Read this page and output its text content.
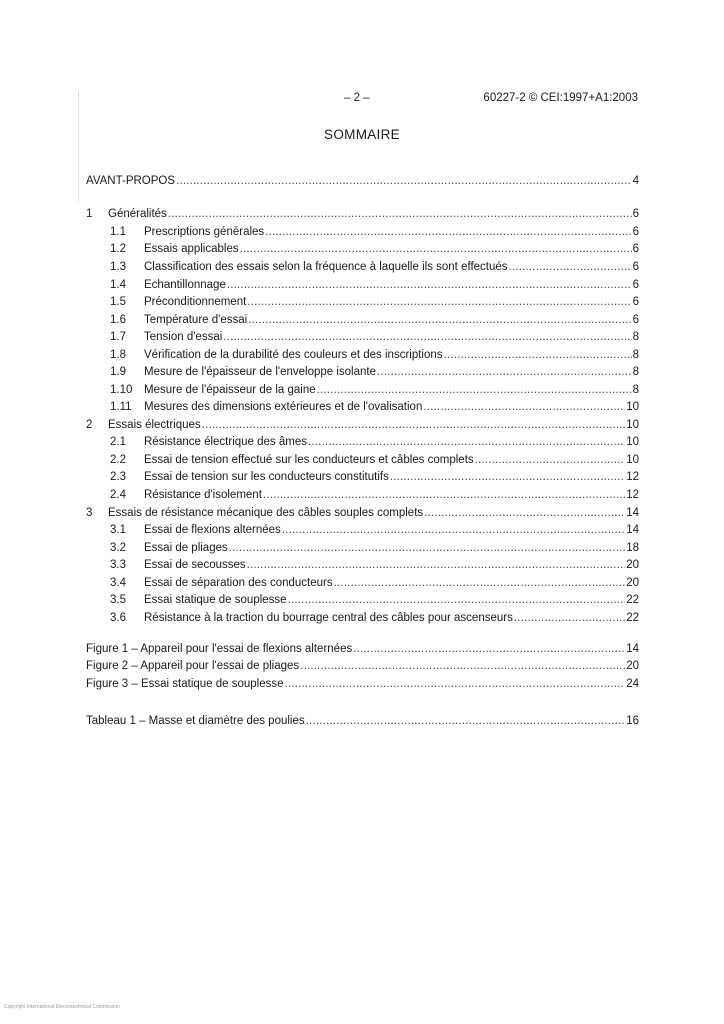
– 2 –	60227-2 © CEI:1997+A1:2003
SOMMAIRE
AVANT-PROPOS .....	4
1	Généralités .....	6
1.1	Prescriptions générales .....	6
1.2	Essais applicables .....	6
1.3	Classification des essais selon la fréquence à laquelle ils sont effectués .....	6
1.4	Echantillonnage .....	6
1.5	Préconditionnement .....	6
1.6	Température d'essai .....	6
1.7	Tension d'essai .....	8
1.8	Vérification de la durabilité des couleurs et des inscriptions .....	8
1.9	Mesure de l'épaisseur de l'enveloppe isolante .....	8
1.10	Mesure de l'épaisseur de la gaine .....	8
1.11	Mesures des dimensions extérieures et de l'ovalisation .....	10
2	Essais électriques .....	10
2.1	Résistance électrique des âmes .....	10
2.2	Essai de tension effectué sur les conducteurs et câbles complets .....	10
2.3	Essai de tension sur les conducteurs constitutifs .....	12
2.4	Résistance d'isolement .....	12
3	Essais de résistance mécanique des câbles souples complets .....	14
3.1	Essai de flexions alternées .....	14
3.2	Essai de pliages .....	18
3.3	Essai de secousses .....	20
3.4	Essai de séparation des conducteurs .....	20
3.5	Essai statique de souplesse .....	22
3.6	Résistance à la traction du bourrage central des câbles pour ascenseurs .....	22
Figure 1 – Appareil pour l'essai de flexions alternées .....	14
Figure 2 – Appareil pour l'essai de pliages .....	20
Figure 3 – Essai statique de souplesse .....	24
Tableau 1 – Masse et diamètre des poulies .....	16
Copyright International Electrotechnical Commission
